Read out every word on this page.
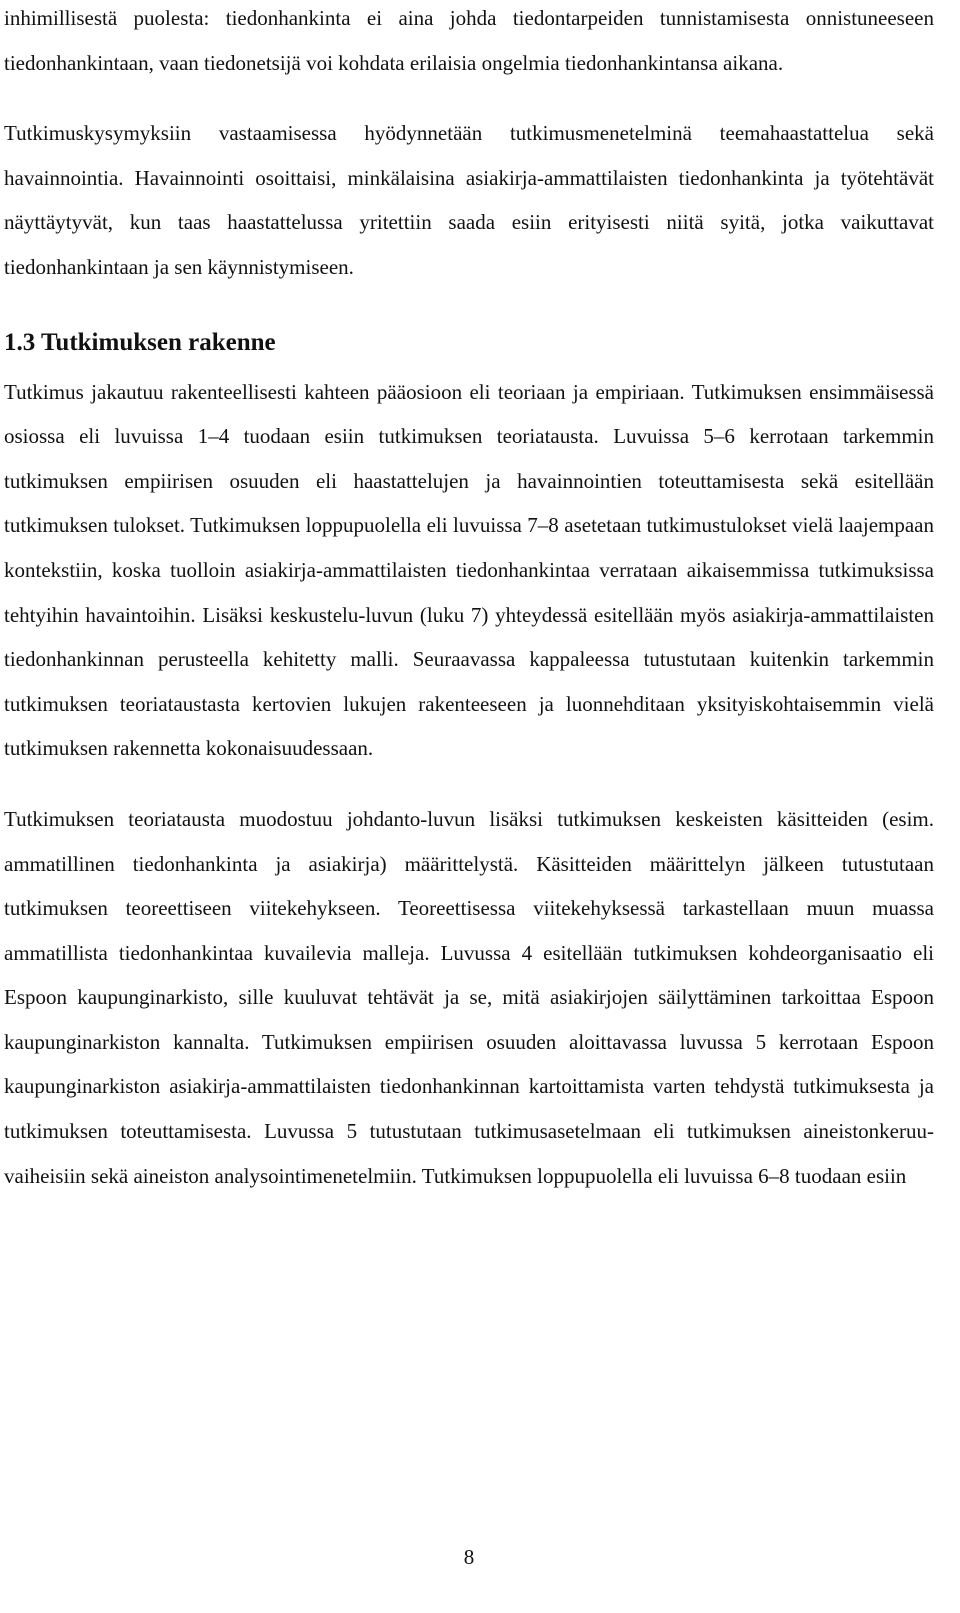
inhimillisestä puolesta: tiedonhankinta ei aina johda tiedontarpeiden tunnistamisesta onnistuneeseen tiedonhankintaan, vaan tiedonetsijä voi kohdata erilaisia ongelmia tiedonhankintansa aikana.

Tutkimuskysymyksiin vastaamisessa hyödynnetään tutkimusmenetelminä teemahaastattelua sekä havainnointia. Havainnointi osoittaisi, minkälaisina asiakirja-ammattilaisten tiedonhankinta ja työtehtävät näyttäytyvät, kun taas haastattelussa yritettiin saada esiin erityisesti niitä syitä, jotka vaikuttavat tiedonhankintaan ja sen käynnistymiseen.

1.3 Tutkimuksen rakenne

Tutkimus jakautuu rakenteellisesti kahteen pääosioon eli teoriaan ja empiriaan. Tutkimuksen ensimmäisessä osiossa eli luvuissa 1–4 tuodaan esiin tutkimuksen teoriatausta. Luvuissa 5–6 kerrotaan tarkemmin tutkimuksen empiirisen osuuden eli haastattelujen ja havainnointien toteuttamisesta sekä esitellään tutkimuksen tulokset. Tutkimuksen loppupuolella eli luvuissa 7–8 asetetaan tutkimustulokset vielä laajempaan kontekstiin, koska tuolloin asiakirja-ammattilaisten tiedonhankintaa verrataan aikaisemmissa tutkimuksissa tehtyihin havaintoihin. Lisäksi keskustelu-luvun (luku 7) yhteydessä esitellään myös asiakirja-ammattilaisten tiedonhankinnan perusteella kehitetty malli. Seuraavassa kappaleessa tutustutaan kuitenkin tarkemmin tutkimuksen teoriataustasta kertovien lukujen rakenteeseen ja luonnehditaan yksityiskohtaisemmin vielä tutkimuksen rakennetta kokonaisuudessaan.

Tutkimuksen teoriatausta muodostuu johdanto-luvun lisäksi tutkimuksen keskeisten käsitteiden (esim. ammatillinen tiedonhankinta ja asiakirja) määrittelystä. Käsitteiden määrittelyn jälkeen tutustutaan tutkimuksen teoreettiseen viitekehykseen. Teoreettisessa viitekehyksessä tarkastellaan muun muassa ammatillista tiedonhankintaa kuvailevia malleja. Luvussa 4 esitellään tutkimuksen kohdeorganisaatio eli Espoon kaupunginarkisto, sille kuuluvat tehtävät ja se, mitä asiakirjojen säilyttäminen tarkoittaa Espoon kaupunginarkiston kannalta. Tutkimuksen empiirisen osuuden aloittavassa luvussa 5 kerrotaan Espoon kaupunginarkiston asiakirja-ammattilaisten tiedonhankinnan kartoittamista varten tehdystä tutkimuksesta ja tutkimuksen toteuttamisesta. Luvussa 5 tutustutaan tutkimusasetelmaan eli tutkimuksen aineistonkeruu-vaiheisiin sekä aineiston analysointimenetelmiin. Tutkimuksen loppupuolella eli luvuissa 6–8 tuodaan esiin

8
